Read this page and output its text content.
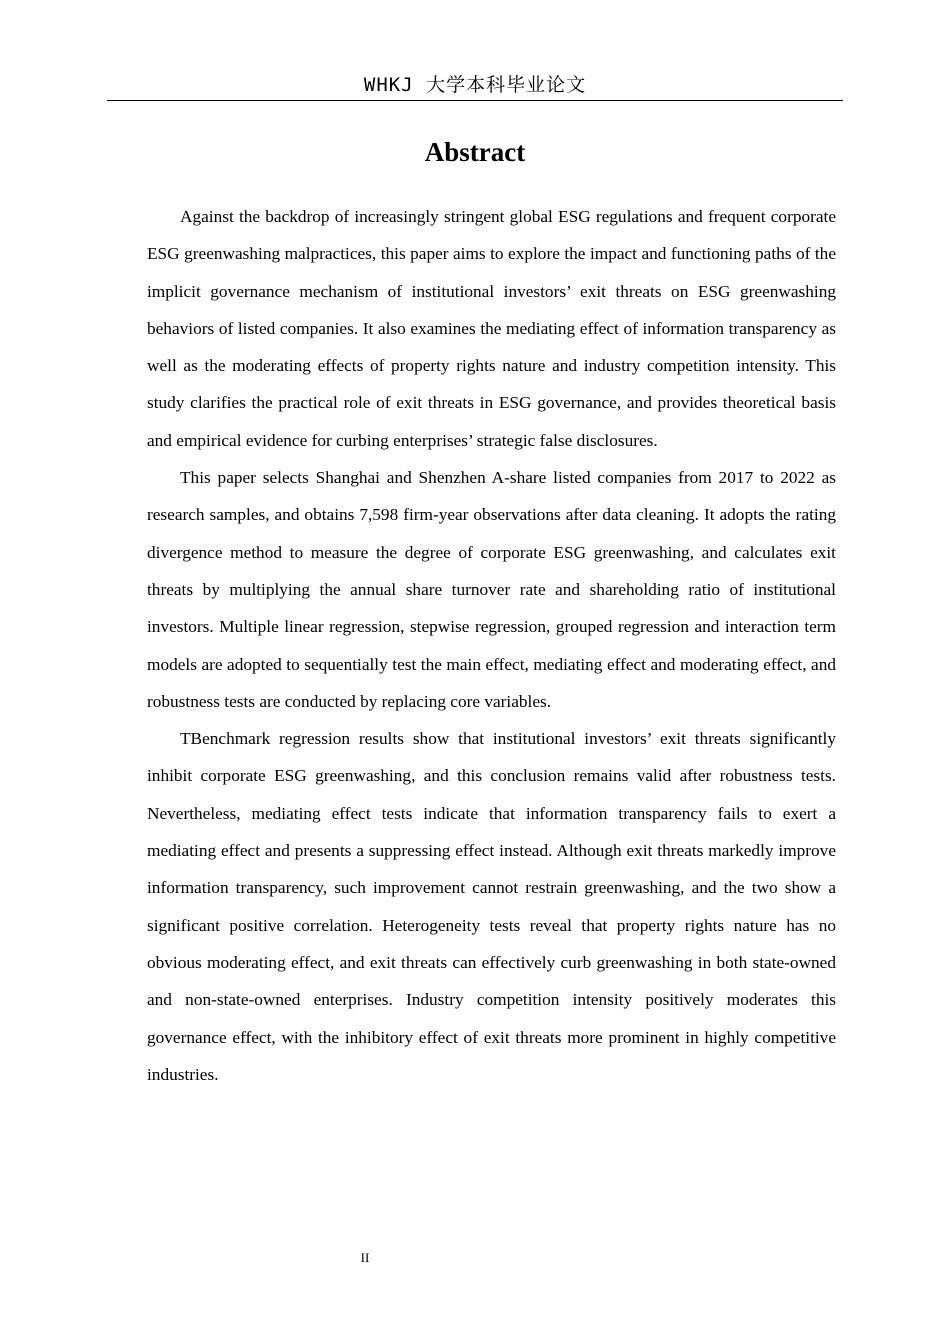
WHKJ 大学本科毕业论文
Abstract

Against the backdrop of increasingly stringent global ESG regulations and frequent corporate ESG greenwashing malpractices, this paper aims to explore the impact and functioning paths of the implicit governance mechanism of institutional investors’ exit threats on ESG greenwashing behaviors of listed companies. It also examines the mediating effect of information transparency as well as the moderating effects of property rights nature and industry competition intensity. This study clarifies the practical role of exit threats in ESG governance, and provides theoretical basis and empirical evidence for curbing enterprises’ strategic false disclosures.

This paper selects Shanghai and Shenzhen A-share listed companies from 2017 to 2022 as research samples, and obtains 7,598 firm-year observations after data cleaning. It adopts the rating divergence method to measure the degree of corporate ESG greenwashing, and calculates exit threats by multiplying the annual share turnover rate and shareholding ratio of institutional investors. Multiple linear regression, stepwise regression, grouped regression and interaction term models are adopted to sequentially test the main effect, mediating effect and moderating effect, and robustness tests are conducted by replacing core variables.

TBenchmark regression results show that institutional investors’ exit threats significantly inhibit corporate ESG greenwashing, and this conclusion remains valid after robustness tests. Nevertheless, mediating effect tests indicate that information transparency fails to exert a mediating effect and presents a suppressing effect instead. Although exit threats markedly improve information transparency, such improvement cannot restrain greenwashing, and the two show a significant positive correlation. Heterogeneity tests reveal that property rights nature has no obvious moderating effect, and exit threats can effectively curb greenwashing in both state-owned and non-state-owned enterprises. Industry competition intensity positively moderates this governance effect, with the inhibitory effect of exit threats more prominent in highly competitive industries.

II
